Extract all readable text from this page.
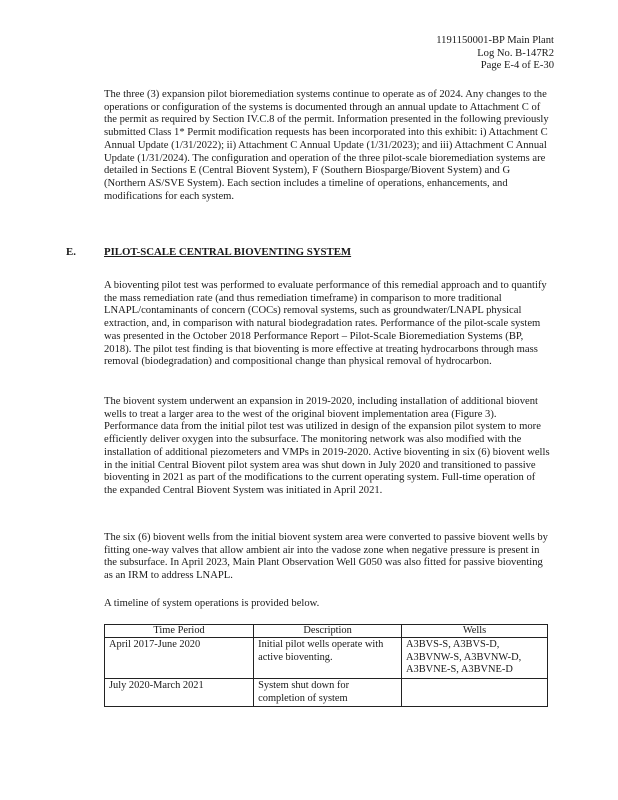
1191150001-BP Main Plant
Log No. B-147R2
Page E-4 of E-30

The three (3) expansion pilot bioremediation systems continue to operate as of 2024. Any changes to the operations or configuration of the systems is documented through an annual update to Attachment C of the permit as required by Section IV.C.8 of the permit. Information presented in the following previously submitted Class 1* Permit modification requests has been incorporated into this exhibit: i) Attachment C Annual Update (1/31/2022); ii) Attachment C Annual Update (1/31/2023); and iii) Attachment C Annual Update (1/31/2024). The configuration and operation of the three pilot-scale bioremediation systems are detailed in Sections E (Central Biovent System), F (Southern Biosparge/Biovent System) and G (Northern AS/SVE System). Each section includes a timeline of operations, enhancements, and modifications for each system.

E.	PILOT-SCALE CENTRAL BIOVENTING SYSTEM

A bioventing pilot test was performed to evaluate performance of this remedial approach and to quantify the mass remediation rate (and thus remediation timeframe) in comparison to more traditional LNAPL/contaminants of concern (COCs) removal systems, such as groundwater/LNAPL physical extraction, and, in comparison with natural biodegradation rates. Performance of the pilot-scale system was presented in the October 2018 Performance Report – Pilot-Scale Bioremediation Systems (BP, 2018). The pilot test finding is that bioventing is more effective at treating hydrocarbons through mass removal (biodegradation) and compositional change than physical removal of hydrocarbon.

The biovent system underwent an expansion in 2019-2020, including installation of additional biovent wells to treat a larger area to the west of the original biovent implementation area (Figure 3). Performance data from the initial pilot test was utilized in design of the expansion pilot system to more efficiently deliver oxygen into the subsurface. The monitoring network was also modified with the installation of additional piezometers and VMPs in 2019-2020. Active bioventing in six (6) biovent wells in the initial Central Biovent pilot system area was shut down in July 2020 and transitioned to passive bioventing in 2021 as part of the modifications to the current operating system. Full-time operation of the expanded Central Biovent System was initiated in April 2021.

The six (6) biovent wells from the initial biovent system area were converted to passive biovent wells by fitting one-way valves that allow ambient air into the vadose zone when negative pressure is present in the subsurface. In April 2023, Main Plant Observation Well G050 was also fitted for passive bioventing as an IRM to address LNAPL.

A timeline of system operations is provided below.

Time Period	Description	Wells
April 2017-June 2020	Initial pilot wells operate with active bioventing.	A3BVS-S, A3BVS-D, A3BVNW-S, A3BVNW-D, A3BVNE-S, A3BVNE-D
July 2020-March 2021	System shut down for completion of system	
